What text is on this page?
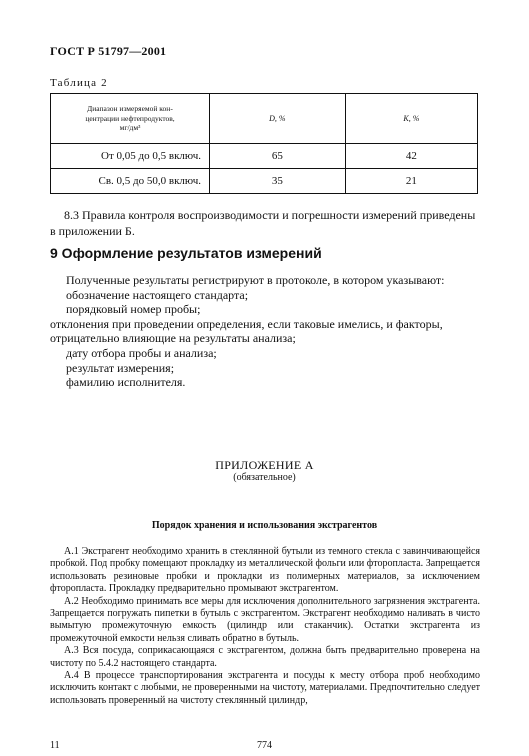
ГОСТ Р 51797—2001
Таблица 2
Диапазон измеряемой кон-
центрации нефтепродуктов,
мг/дм³	D, %	K, %
От 0,05 до 0,5 включ.	65	42
Св. 0,5 до 50,0 включ.	35	21
8.3 Правила контроля воспроизводимости и погрешности измерений приведены
в приложении Б.
9 Оформление результатов измерений
Полученные результаты регистрируют в протоколе, в котором указывают:
обозначение настоящего стандарта;
порядковый номер пробы;
отклонения при проведении определения, если таковые имелись, и факторы,
отрицательно влияющие на результаты анализа;
дату отбора пробы и анализа;
результат измерения;
фамилию исполнителя.
ПРИЛОЖЕНИЕ А
(обязательное)
Порядок хранения и использования экстрагентов

А.1 Экстрагент необходимо хранить в стеклянной бутыли из темного стекла с завинчивающейся пробкой. Под пробку помещают прокладку из металлической фольги или фторопласта. Запрещается использовать резиновые пробки и прокладки из полимерных материалов, за исключением фторопласта. Прокладку предварительно промывают экстрагентом.

А.2 Необходимо принимать все меры для исключения дополнительного загрязнения экстрагента. Запрещается погружать пипетки в бутыль с экстрагентом. Экстрагент необходимо наливать в чисто вымытую промежуточную емкость (цилиндр или стаканчик). Остатки экстрагента из промежуточной емкости нельзя сливать обратно в бутыль.

А.3 Вся посуда, соприкасающаяся с экстрагентом, должна быть предварительно проверена на чистоту по 5.4.2 настоящего стандарта.

А.4 В процессе транспортирования экстрагента и посуды к месту отбора проб необходимо исключить контакт с любыми, не проверенными на чистоту, материалами. Предпочтительно следует использовать проверенный на чистоту стеклянный цилиндр,

11	774
